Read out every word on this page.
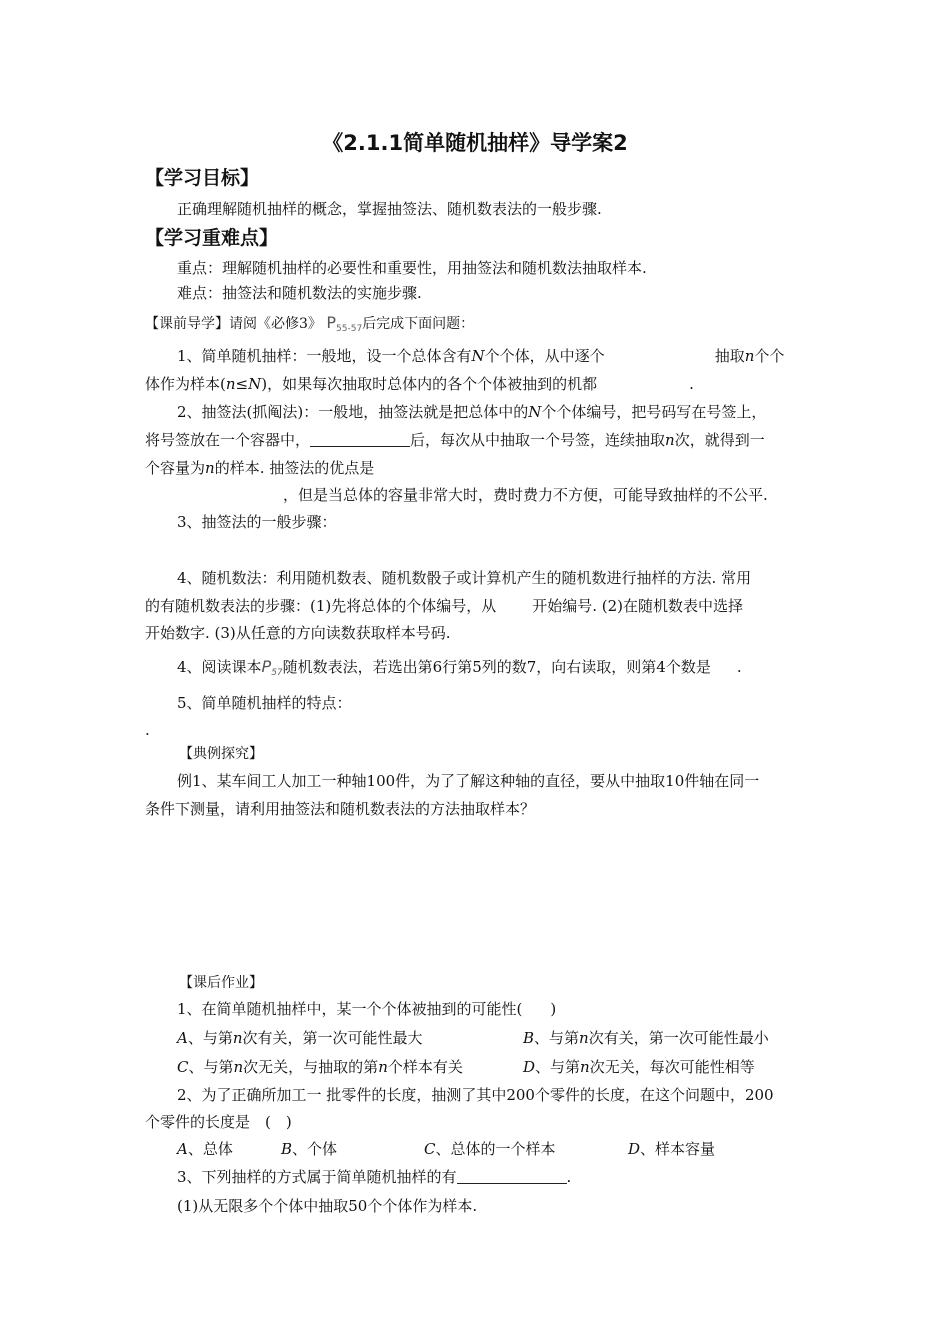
《2.1.1简单随机抽样》导学案2
【学习目标】
正确理解随机抽样的概念，掌握抽签法、随机数表法的一般步骤.
【学习重难点】
重点：理解随机抽样的必要性和重要性，用抽签法和随机数法抽取样本.
难点：抽签法和随机数法的实施步骤.
【课前导学】请阅《必修3》 $P_{55-57}$后完成下面问题：
1、简单随机抽样：一般地，设一个总体含有N个个体，从中逐个	抽取n个个
体作为样本(n≤N)，如果每次抽取时总体内的各个个体被抽到的机都	.
2、抽签法(抓阄法)：一般地，抽签法就是把总体中的N个个体编号，把号码写在号签上，
将号签放在一个容器中，	后，每次从中抽取一个号签，连续抽取n次，就得到一
个容量为n的样本. 抽签法的优点是
，但是当总体的容量非常大时，费时费力不方便，可能导致抽样的不公平.
3、抽签法的一般步骤：
4、随机数法：利用随机数表、随机数骰子或计算机产生的随机数进行抽样的方法. 常用
的有随机数表法的步骤：(1)先将总体的个体编号，从 开始编号. (2)在随机数表中选择
开始数字. (3)从任意的方向读数获取样本号码.
4、阅读课本$P_{57}$随机数表法，若选出第6行第5列的数7，向右读取，则第4个数是 .
5、简单随机抽样的特点：
.
【典例探究】
例1、某车间工人加工一种轴100件，为了了解这种轴的直径，要从中抽取10件轴在同一
条件下测量，请利用抽签法和随机数表法的方法抽取样本？
【课后作业】
1、在简单随机抽样中，某一个个体被抽到的可能性( )
A、与第n次有关，第一次可能性最大	B、与第n次有关，第一次可能性最小
C、与第n次无关，与抽取的第n个样本有关	D、与第n次无关，每次可能性相等
2、为了正确所加工一 批零件的长度，抽测了其中200个零件的长度，在这个问题中，200
个零件的长度是　(　)
A、总体	B、个体	C、总体的一个样本	D、样本容量
3、下列抽样的方式属于简单随机抽样的有	.
(1)从无限多个个体中抽取50个个体作为样本.
